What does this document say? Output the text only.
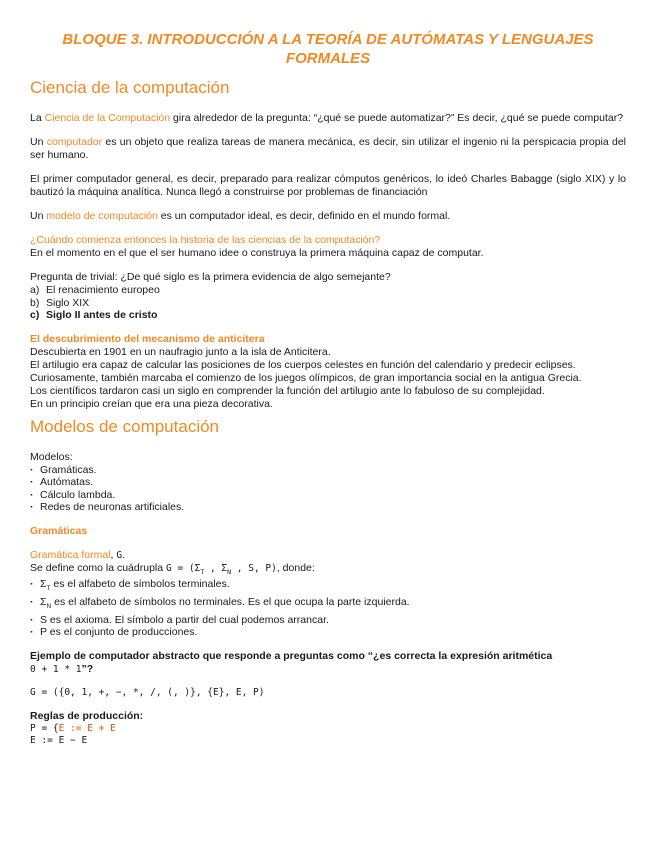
BLOQUE 3. INTRODUCCIÓN A LA TEORÍA DE AUTÓMATAS Y LENGUAJES FORMALES
Ciencia de la computación

La Ciencia de la Computación gira alrededor de la pregunta: “¿qué se puede automatizar?” Es decir, ¿qué se puede computar?

Un computador es un objeto que realiza tareas de manera mecánica, es decir, sin utilizar el ingenio ni la perspicacia propia del ser humano.

El primer computador general, es decir, preparado para realizar cómputos genéricos, lo ideó Charles Babagge (siglo XIX) y lo bautizó la máquina analítica. Nunca llegó a construirse por problemas de financiación

Un modelo de computación es un computador ideal, es decir, definido en el mundo formal.

¿Cuándo comienza entonces la historia de las ciencias de la computación?

En el momento en el que el ser humano idee o construya la primera máquina capaz de computar.

Pregunta de trivial: ¿De qué siglo es la primera evidencia de algo semejante?

a) El renacimiento europeo
b) Siglo XIX
c) Siglo II antes de cristo
El descubrimiento del mecanismo de anticitera

Descubierta en 1901 en un naufragio junto a la isla de Anticitera.

El artilugio era capaz de calcular las posiciones de los cuerpos celestes en función del calendario y predecir eclipses.

Curiosamente, también marcaba el comienzo de los juegos olímpicos, de gran importancia social en la antigua Grecia.

Los científicos tardaron casi un siglo en comprender la función del artilugio ante lo fabuloso de su complejidad.

En un principio creían que era una pieza decorativa.

Modelos de computación

Modelos:

· Gramáticas.
· Autómatas.
· Cálculo lambda.
· Redes de neuronas artificiales.
Gramáticas
Gramática formal, G.

Se define como la cuádrupla $G = (\Sigma_T$ , $\Sigma_N$ , S, P), donde:

· $\Sigma_T$ es el alfabeto de símbolos terminales.
· $\Sigma_N$ es el alfabeto de símbolos no terminales. Es el que ocupa la parte izquierda.
· S es el axioma. El símbolo a partir del cual podemos arrancar.
· P es el conjunto de producciones.

Ejemplo de computador abstracto que responde a preguntas como “¿es correcta la expresión aritmética
0 + 1 * 1”?

G = ({0, 1, +, −, *, /, (, )}, {E}, E, P)

Reglas de producción:

P = {E := E + E
E := E − E
